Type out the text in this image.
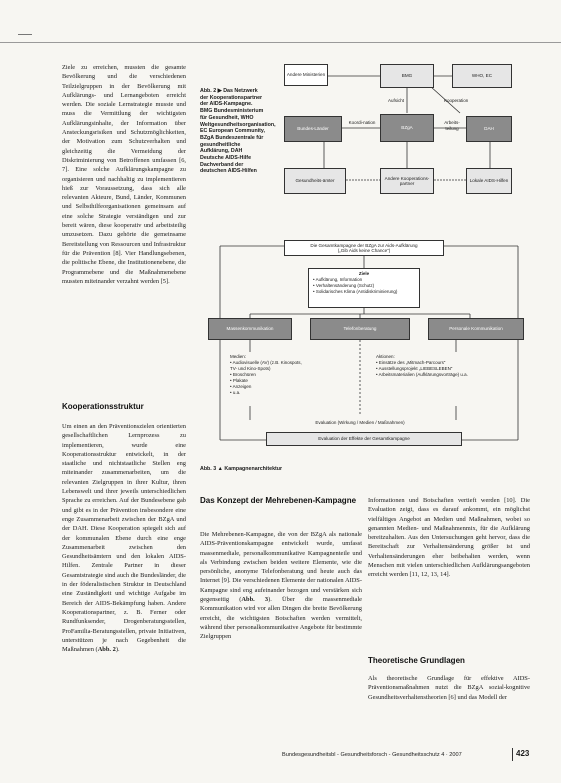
Ziele zu erreichen, mussten die gesamte Bevölkerung und die verschiedenen Teilzielgruppen in der Bevölkerung mit Aufklärungs- und Lernangeboten erreicht werden. Die soziale Lernstrategie musste und muss die Vermittlung der wichtigsten Aufklärungsinhalte, der Information über Ansteckungsrisiken und Schutzmöglichkeiten, der Motivation zum Schutzverhalten und gleichzeitig die Vermeidung der Diskriminierung von Betroffenen umfassen [6, 7]. Eine solche Aufklärungskampagne zu organisieren und nachhaltig zu implementieren hieß zur Voraussetzung, dass sich alle relevanten Akteure, Bund, Länder, Kommunen und Selbsthilfeorganisationen gemeinsam auf eine solche Strategie verständigen und zur bereit wären, diese kooperativ und arbeitsteilig umzusetzen. Dazu gehörte die gemeinsame Bereitstellung von Ressourcen und Infrastruktur für die Prävention [8]. Vier Handlungsebenen, die politische Ebene, die Institutionenebene, die Programmebene und die Maßnahmenebene mussten miteinander verzahnt werden [5].

Kooperationsstruktur

Um einen an den Präventionszielen orientierten gesellschaftlichen Lernprozess zu implementieren, wurde eine Kooperationsstruktur entwickelt, in der staatliche und nichtstaatliche Stellen eng miteinander zusammenarbeiten, um die relevanten Zielgruppen in ihrer Kultur, ihren Lebenswelt und ihrer jeweils unterschiedlichen Sprache zu erreichen. Auf der Bundesebene gab und gibt es in der Prävention insbesondere eine enge Zusammenarbeit zwischen der BZgA und der DAH. Diese Kooperation spiegelt sich auf der kommunalen Ebene durch eine enge Zusammenarbeit zwischen den Gesundheitsämtern und den lokalen AIDS-Hilfen. Zentrale Partner in dieser Gesamtstrategie sind auch die Bundesländer, die in der föderalistischen Struktur in Deutschland eine Zuständigkeit und wichtige Aufgabe im Bereich der AIDS-Bekämpfung haben. Andere Kooperationspartner, z. B. Ferner oder Rundfunksender, Drogenberatungsstellen, ProFamilia-Beratungsstellen, private Initiativen, unterstützen je nach Gegebenheit die Maßnahmen (Abb. 2).

Abb. 2 ▶ Das Netzwerk der Kooperationspartner der AIDS-Kampagne. BMG Bundesministerium für Gesundheit, WHO Weltgesundheitsorganisation, EC European Community, BZgA Bundeszentrale für gesundheitliche Aufklärung, DAH Deutsche AIDS-Hilfe Dachverband der deutschen AIDS-Hilfen
Andere Ministerien	BMG	WHO, EC
Aufsicht	Kooperation
Bundes-Länder
Koordi-nation
BZgA
Arbeits-teilung	DAH
Gesundheits-ämter
Andere Kooperations-partner
Lokale AIDS-Hilfen
Die Gesamtkampagne der BZgA zur Aids-Aufklärung
(„Gib Aids keine Chance“)
Ziele
• Aufklärung, Information
• Verhaltensänderung (Schutz)
• Solidarisches Klima (Antidiskriminierung)
Massenkommunikation	Telefonberatung	Personale Kommunikation
Medien:
• Audiovisuelle (AV) (z.B. Kinospots, TV- und Kino-Spots)
• Broschüren
• Plakate
• Anzeigen
• u.a.
Aktionen:
• Einsätze des „Mitmach-Parcours“
• Ausstellungsprojekt „LIEBESLEBEN“
• Arbeitsmaterialien (Aufklärungsvorträge) u.a.
Evaluation (Wirkung / Medien / Maßnahmen)
Evaluation der Effekte der Gesamtkampagne
Abb. 3 ▲ Kampagnenarchitektur
Das Konzept der Mehrebenen-Kampagne

Die Mehrebenen-Kampagne, die von der BZgA als nationale AIDS-Präventionskampagne entwickelt wurde, umfasst massenmediale, personalkommunikative Kampagnenteile und als Verbindung zwischen beiden weitere Elemente, wie die persönliche, anonyme Telefonberatung und heute auch das Internet [9]. Die verschiedenen Elemente der nationalen AIDS-Kampagne sind eng aufeinander bezogen und verstärken sich gegenseitig (Abb. 3). Über die massenmediale Kommunikation wird vor allen Dingen die breite Bevölkerung erreicht, die wichtigsten Botschaften werden vermittelt, während über personalkommunikative Angebote für bestimmte Zielgruppen

Informationen und Botschaften vertieft werden [10]. Die Evaluation zeigt, dass es darauf ankommt, ein möglichst vielfältiges Angebot an Medien und Maßnahmen, wobei so genannten Medien- und Maßnahmenmix, für die Aufklärung bereitzuhalten. Aus den Untersuchungen geht hervor, dass die Bereitschaft zur Verhaltensänderung größer ist und Verhaltensänderungen eher beibehalten werden, wenn Menschen mit vielen unterschiedlichen Aufklärungsangeboten erreicht werden [11, 12, 13, 14].

Theoretische Grundlagen

Als theoretische Grundlage für effektive AIDS-Präventionsmaßnahmen nutzt die BZgA sozial-kognitive Gesundheitsverhaltenstheorien [6] und das Modell der

Bundesgesundheitsbl - Gesundheitsforsch - Gesundheitsschutz 4 · 2007	423
